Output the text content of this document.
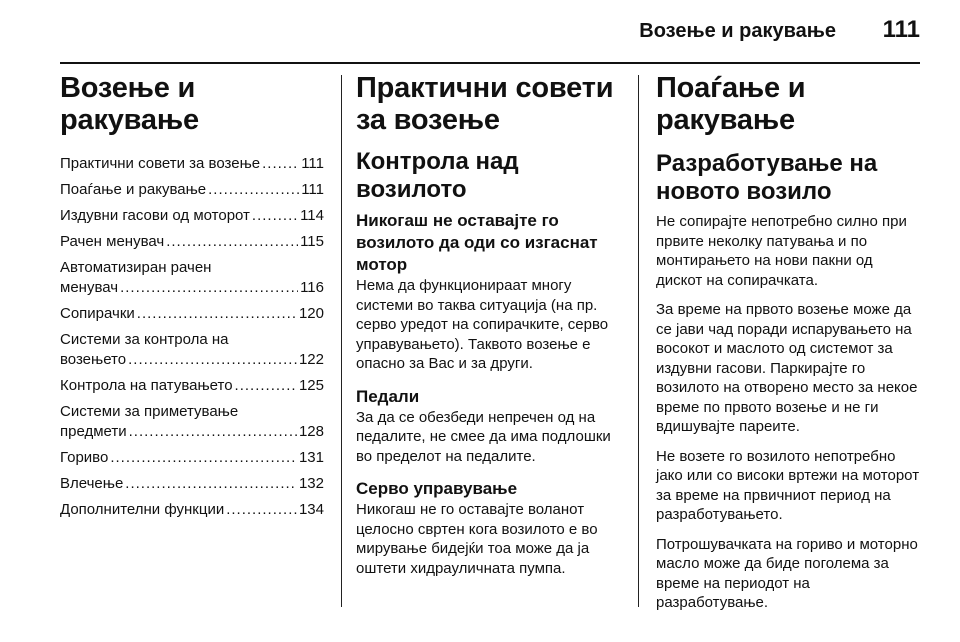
Возење и ракување 111
Возење и ракување
Практични совети за возење .....	111
Поаѓање и ракување .....	111
Издувни гасови од моторот .....	114
Рачен менувач .....	115
Автоматизиран рачен
менувач .....	116
Сопирачки .....	120
Системи за контрола на
возењето .....	122
Контрола на патувањето .....	125
Системи за приметување
предмети .....	128
Гориво .....	131
Влечење .....	132
Дополнителни функции .....	134
Практични совети за возење
Контрола над возилото
Никогаш не оставајте го возилото да оди со изгаснат мотор

Нема да функционираат многу системи во таква ситуација (на пр. серво уредот на сопирачките, серво управувањето). Таквото возење е опасно за Вас и за други.

Педали

За да се обезбеди непречен од на педалите, не смее да има подлошки во пределот на педалите.

Серво управување

Никогаш не го оставајте воланот целосно свртен кога возилото е во мирување бидејќи тоа може да ја оштети хидрауличната пумпа.

Поаѓање и ракување
Разработување на новото возило

Не сопирајте непотребно силно при првите неколку патувања и по монтирањето на нови пакни од дискот на сопирачката.

За време на првото возење може да се јави чад поради испарувањето на восокот и маслото од системот за издувни гасови. Паркирајте го возилото на отворено место за некое време по првото возење и не ги вдишувајте пареите.

Не возете го возилото непотребно јако или со високи вртежи на моторот за време на првичниот период на разработувањето.

Потрошувачката на гориво и моторно масло може да биде поголема за време на периодот на разработување.
